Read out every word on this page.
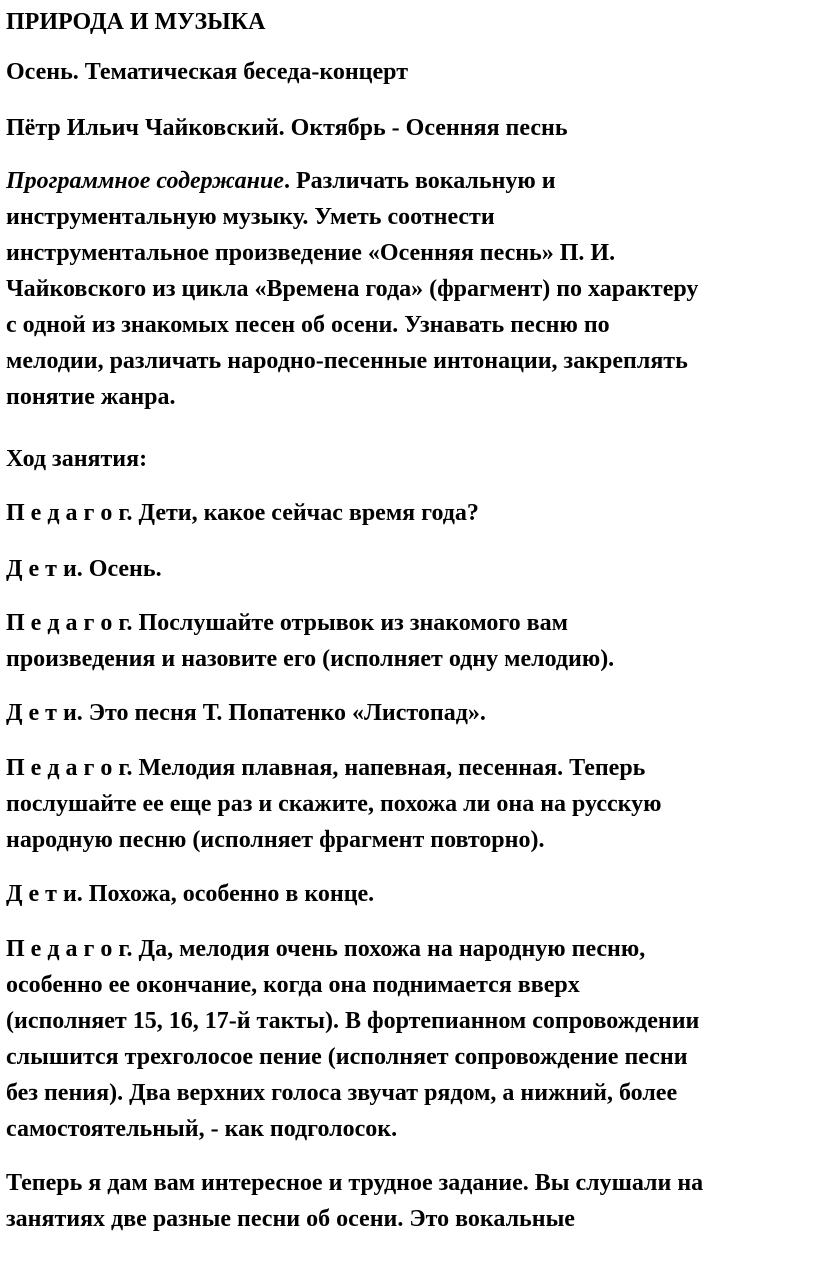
ПРИРОДА И МУЗЫКА

Осень. Тематическая беседа-концерт

Пётр Ильич Чайковский. Октябрь - Осенняя песнь

Программное содержание. Различать вокальную и

инструментальную музыку. Уметь соотнести

инструментальное произведение «Осенняя песнь» П. И.

Чайковского из цикла «Времена года» (фрагмент) по характеру

с одной из знакомых песен об осени. Узнавать песню по

мелодии, различать народно-песенные интонации, закреплять

понятие жанра.

Ход занятия:

П е д а г о г. Дети, какое сейчас время года?

Д е т и. Осень.

П е д а г о г. Послушайте отрывок из знакомого вам

произведения и назовите его (исполняет одну мелодию).

Д е т и. Это песня Т. Попатенко «Листопад».

П е д а г о г. Мелодия плавная, напевная, песенная. Теперь

послушайте ее еще раз и скажите, похожа ли она на русскую

народную песню (исполняет фрагмент повторно).

Д е т и. Похожа, особенно в конце.

П е д а г о г. Да, мелодия очень похожа на народную песню,

особенно ее окончание, когда она поднимается вверх

(исполняет 15, 16, 17-й такты). В фортепианном сопровождении

слышится трехголосое пение (исполняет сопровождение песни

без пения). Два верхних голоса звучат рядом, а нижний, более

самостоятельный, - как подголосок.

Теперь я дам вам интересное и трудное задание. Вы слушали на

занятиях две разные песни об осени. Это вокальные
